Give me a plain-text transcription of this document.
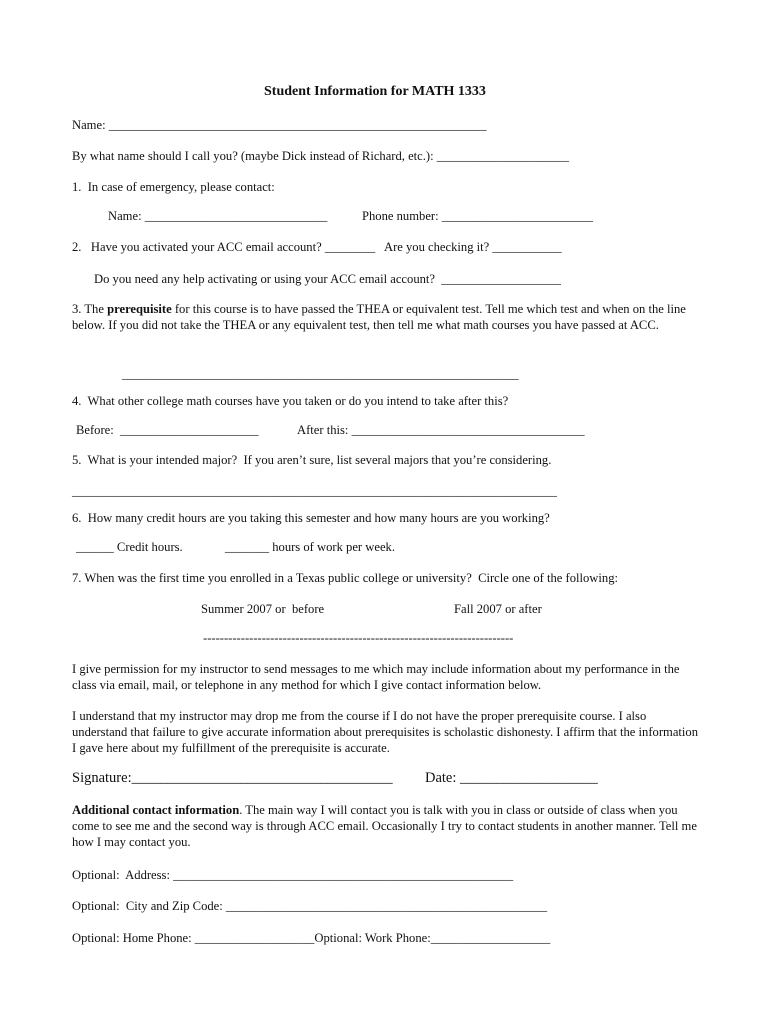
Student Information for MATH 1333
Name: ____________________________________________________________
By what name should I call you? (maybe Dick instead of Richard, etc.): _____________________
1.  In case of emergency, please contact:
Name: _____________________________	Phone number: ________________________
2.   Have you activated your ACC email account? ________   Are you checking it? ___________
Do you need any help activating or using your ACC email account?  ___________________
3. The prerequisite for this course is to have passed the THEA or equivalent test. Tell me which test and when on the line below. If you did not take the THEA or any equivalent test, then tell me what math courses you have passed at ACC.
_______________________________________________________________
4.  What other college math courses have you taken or do you intend to take after this?
Before:  ______________________	After this: _____________________________________
5.  What is your intended major?  If you aren’t sure, list several majors that you’re considering.
_____________________________________________________________________________
6.  How many credit hours are you taking this semester and how many hours are you working?
______ Credit hours.	_______ hours of work per week.
7. When was the first time you enrolled in a Texas public college or university?  Circle one of the following:
Summer 2007 or  before	Fall 2007 or after
--------------------------------------------------------------------------
I give permission for my instructor to send messages to me which may include information about my performance in the class via email, mail, or telephone in any method for which I give contact information below.
I understand that my instructor may drop me from the course if I do not have the proper prerequisite course. I also understand that failure to give accurate information about prerequisites is scholastic dishonesty. I affirm that the information I gave here about my fulfillment of the prerequisite is accurate.
Signature:____________________________________ Date: ___________________
Additional contact information. The main way I will contact you is talk with you in class or outside of class when you come to see me and the second way is through ACC email. Occasionally I try to contact students in another manner. Tell me how I may contact you.
Optional:  Address: ______________________________________________________
Optional:  City and Zip Code: ___________________________________________________
Optional: Home Phone: ___________________Optional: Work Phone:___________________
